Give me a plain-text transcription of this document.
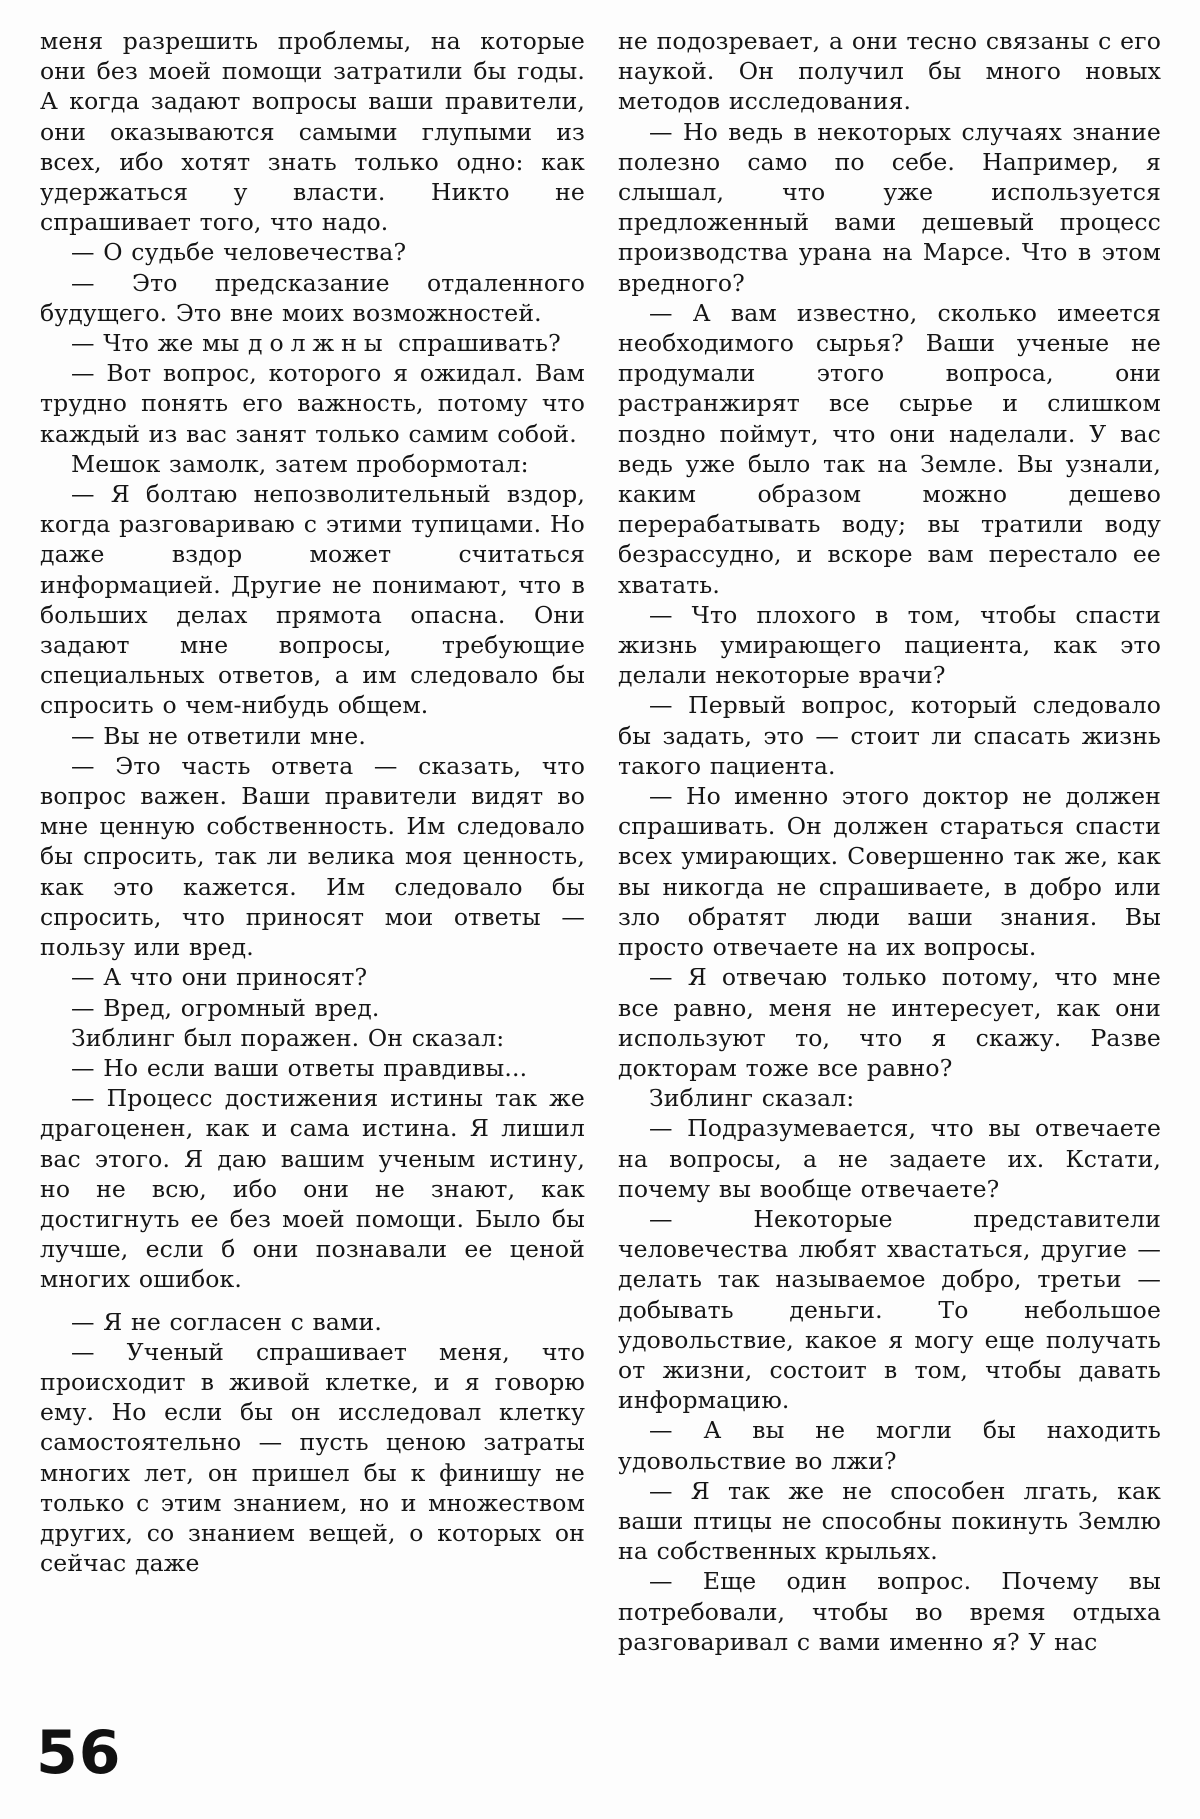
меня разрешить проблемы, на которые они без моей помощи затратили бы годы. А когда задают вопросы ваши правители, они оказываются самыми глупыми из всех, ибо хотят знать только одно: как удержаться у власти. Никто не спрашивает того, что надо.

— О судьбе человечества?

— Это предсказание отдаленного будущего. Это вне моих возможностей.

— Что же мы должны спрашивать?

— Вот вопрос, которого я ожидал. Вам трудно понять его важность, потому что каждый из вас занят только самим собой.

Мешок замолк, затем пробормотал:

— Я болтаю непозволительный вздор, когда разговариваю с этими тупицами. Но даже вздор может считаться информацией. Другие не понимают, что в больших делах прямота опасна. Они задают мне вопросы, требующие специальных ответов, а им следовало бы спросить о чем-нибудь общем.

— Вы не ответили мне.

— Это часть ответа — сказать, что вопрос важен. Ваши правители видят во мне ценную собственность. Им следовало бы спросить, так ли велика моя ценность, как это кажется. Им следовало бы спросить, что приносят мои ответы — пользу или вред.

— А что они приносят?

— Вред, огромный вред.

Зиблинг был поражен. Он сказал:

— Но если ваши ответы правдивы...

— Процесс достижения истины так же драгоценен, как и сама истина. Я лишил вас этого. Я даю вашим ученым истину, но не всю, ибо они не знают, как достигнуть ее без моей помощи. Было бы лучше, если б они познавали ее ценой многих ошибок.

— Я не согласен с вами.

— Ученый спрашивает меня, что происходит в живой клетке, и я говорю ему. Но если бы он исследовал клетку самостоятельно — пусть ценою затраты многих лет, он пришел бы к финишу не только с этим знанием, но и множеством других, со знанием вещей, о которых он сейчас даже

не подозревает, а они тесно связаны с его наукой. Он получил бы много новых методов исследования.

— Но ведь в некоторых случаях знание полезно само по себе. Например, я слышал, что уже используется предложенный вами дешевый процесс производства урана на Марсе. Что в этом вредного?

— А вам известно, сколько имеется необходимого сырья? Ваши ученые не продумали этого вопроса, они растранжирят все сырье и слишком поздно поймут, что они наделали. У вас ведь уже было так на Земле. Вы узнали, каким образом можно дешево перерабатывать воду; вы тратили воду безрассудно, и вскоре вам перестало ее хватать.

— Что плохого в том, чтобы спасти жизнь умирающего пациента, как это делали некоторые врачи?

— Первый вопрос, который следовало бы задать, это — стоит ли спасать жизнь такого пациента.

— Но именно этого доктор не должен спрашивать. Он должен стараться спасти всех умирающих. Совершенно так же, как вы никогда не спрашиваете, в добро или зло обратят люди ваши знания. Вы просто отвечаете на их вопросы.

— Я отвечаю только потому, что мне все равно, меня не интересует, как они используют то, что я скажу. Разве докторам тоже все равно?

Зиблинг сказал:

— Подразумевается, что вы отвечаете на вопросы, а не задаете их. Кстати, почему вы вообще отвечаете?

— Некоторые представители человечества любят хвастаться, другие — делать так называемое добро, третьи — добывать деньги. То небольшое удовольствие, какое я могу еще получать от жизни, состоит в том, чтобы давать информацию.

— А вы не могли бы находить удовольствие во лжи?

— Я так же не способен лгать, как ваши птицы не способны покинуть Землю на собственных крыльях.

— Еще один вопрос. Почему вы потребовали, чтобы во время отдыха разговаривал с вами именно я? У нас

56
